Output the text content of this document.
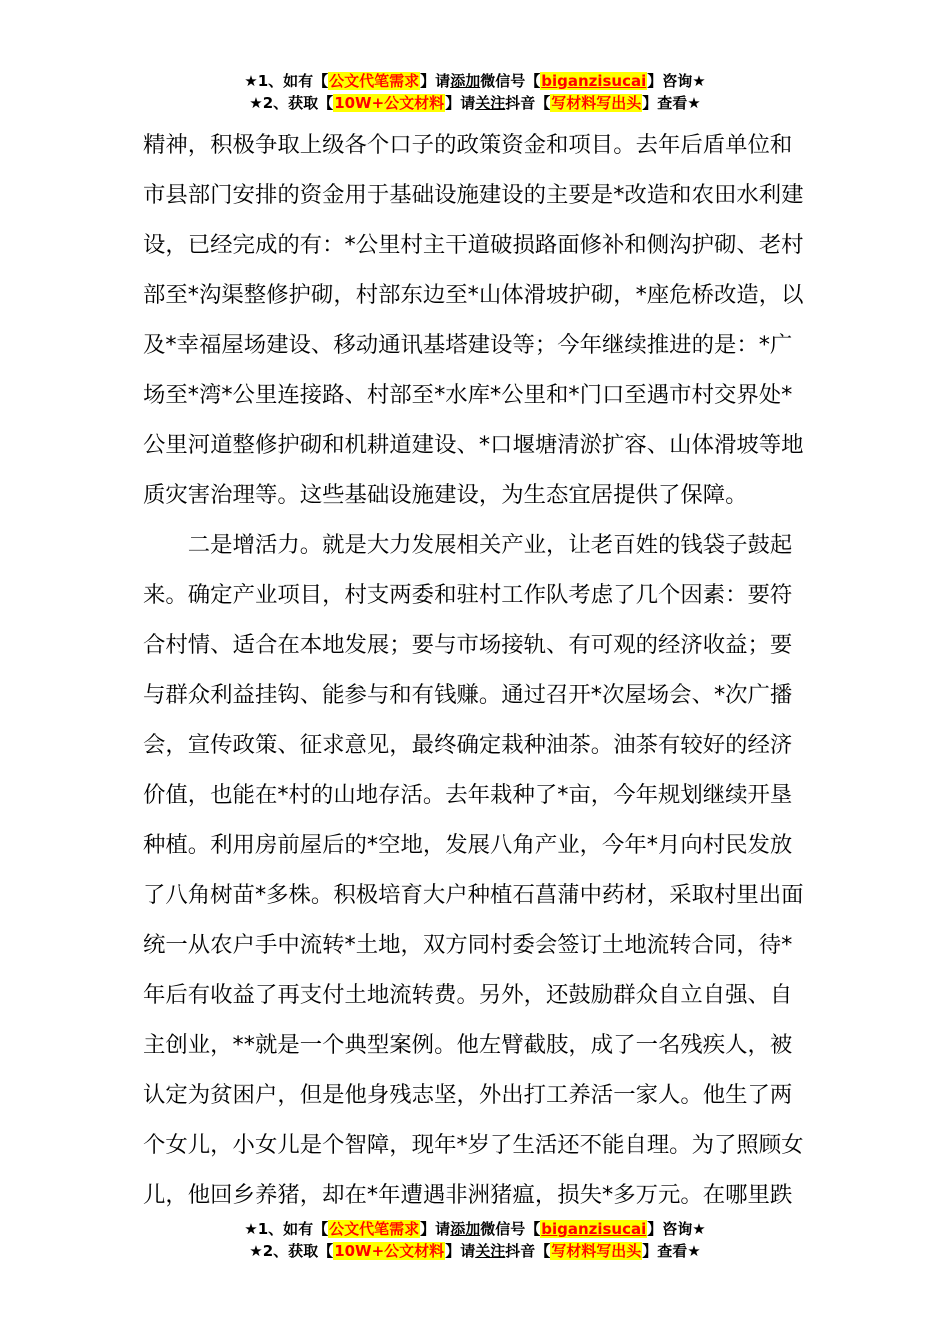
★1、如有【公文代笔需求】请添加微信号【biganzisucai】咨询★
★2、获取【10W+公文材料】请关注抖音【写材料写出头】查看★
精神，积极争取上级各个口子的政策资金和项目。去年后盾单位和
市县部门安排的资金用于基础设施建设的主要是*改造和农田水利建
设，已经完成的有：*公里村主干道破损路面修补和侧沟护砌、老村
部至*沟渠整修护砌，村部东边至*山体滑坡护砌，*座危桥改造，以
及*幸福屋场建设、移动通讯基塔建设等；今年继续推进的是：*广
场至*湾*公里连接路、村部至*水库*公里和*门口至遇市村交界处*
公里河道整修护砌和机耕道建设、*口堰塘清淤扩容、山体滑坡等地
质灾害治理等。这些基础设施建设，为生态宜居提供了保障。
　　二是增活力。就是大力发展相关产业，让老百姓的钱袋子鼓起
来。确定产业项目，村支两委和驻村工作队考虑了几个因素：要符
合村情、适合在本地发展；要与市场接轨、有可观的经济收益；要
与群众利益挂钩、能参与和有钱赚。通过召开*次屋场会、*次广播
会，宣传政策、征求意见，最终确定栽种油茶。油茶有较好的经济
价值，也能在*村的山地存活。去年栽种了*亩，今年规划继续开垦
种植。利用房前屋后的*空地，发展八角产业，今年*月向村民发放
了八角树苗*多株。积极培育大户种植石菖蒲中药材，采取村里出面
统一从农户手中流转*土地，双方同村委会签订土地流转合同，待*
年后有收益了再支付土地流转费。另外，还鼓励群众自立自强、自
主创业，**就是一个典型案例。他左臂截肢，成了一名残疾人，被
认定为贫困户，但是他身残志坚，外出打工养活一家人。他生了两
个女儿，小女儿是个智障，现年*岁了生活还不能自理。为了照顾女
儿，他回乡养猪，却在*年遭遇非洲猪瘟，损失*多万元。在哪里跌
★1、如有【公文代笔需求】请添加微信号【biganzisucai】咨询★
★2、获取【10W+公文材料】请关注抖音【写材料写出头】查看★
